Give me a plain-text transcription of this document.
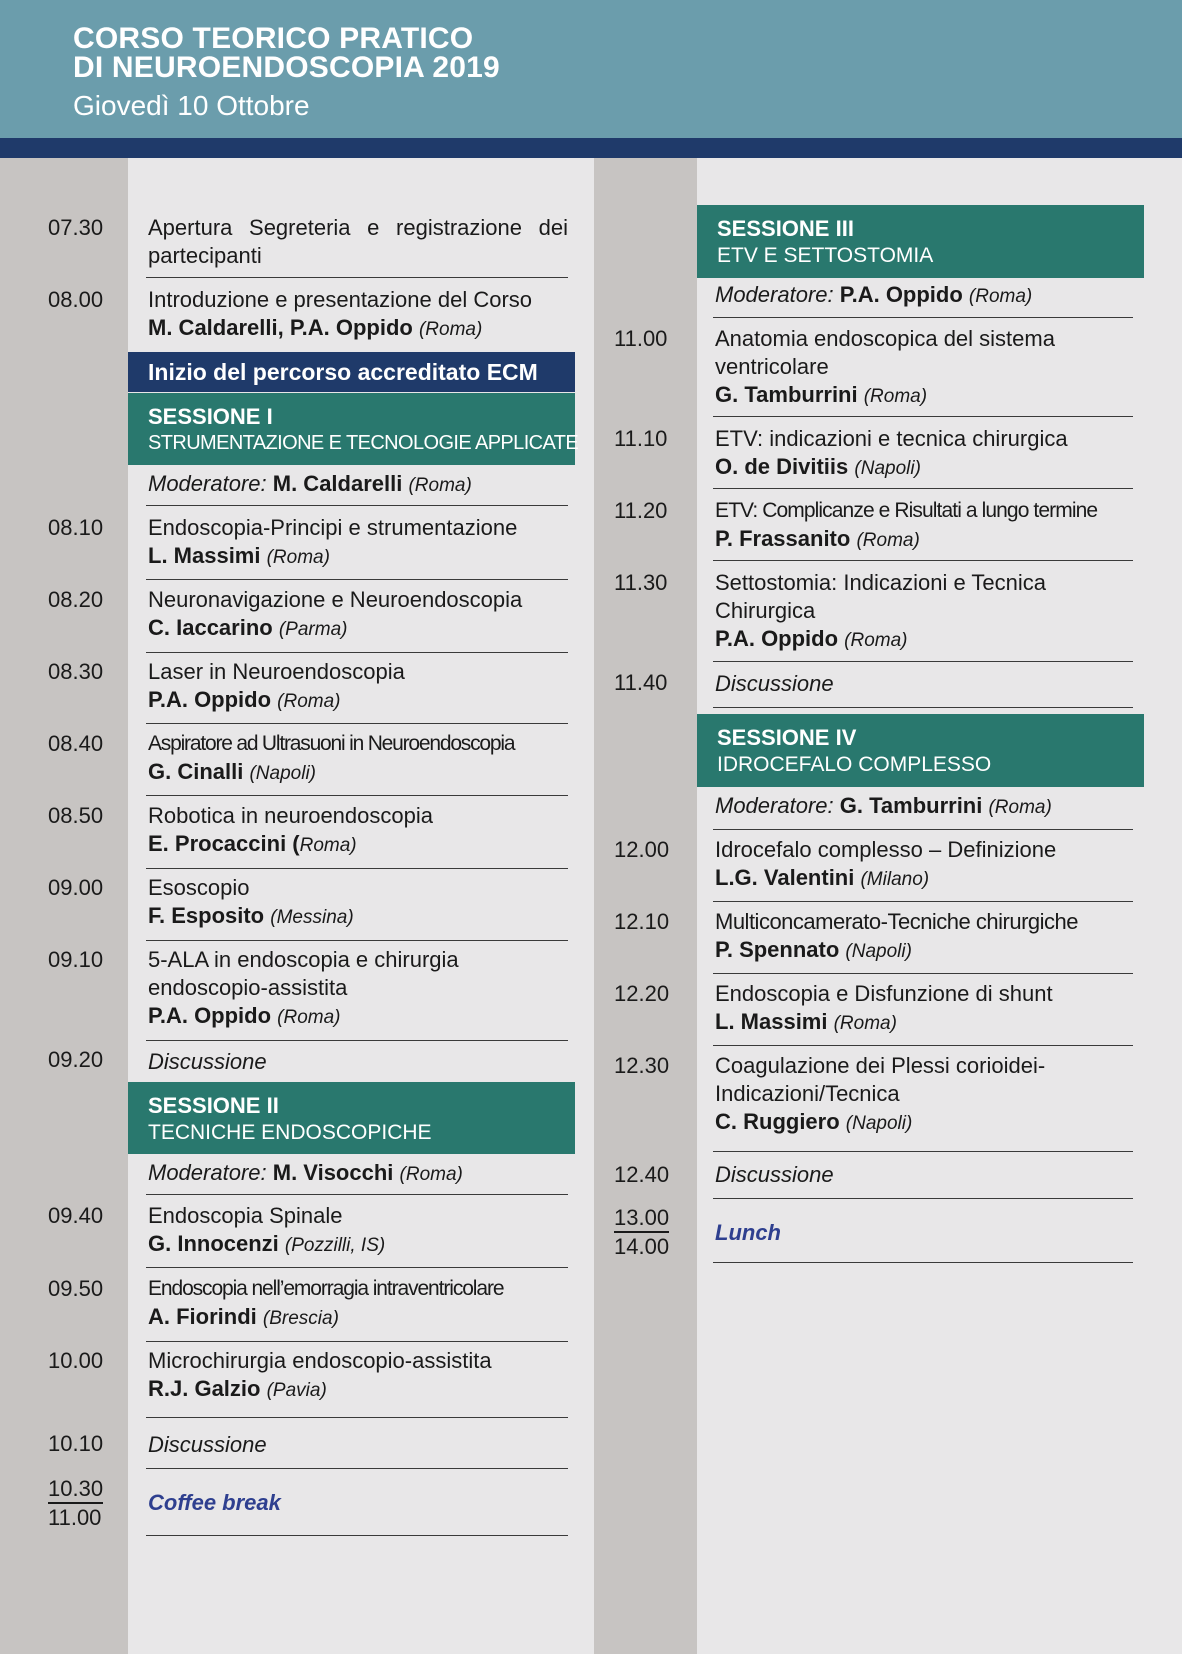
CORSO TEORICO PRATICO
DI NEUROENDOSCOPIA 2019
Giovedì 10 Ottobre
07.30 Apertura Segreteria e registrazione dei partecipanti
08.00 Introduzione e presentazione del Corso
M. Caldarelli, P.A. Oppido (Roma)
Inizio del percorso accreditato ECM
SESSIONE I
STRUMENTAZIONE E TECNOLOGIE APPLICATE
Moderatore: M. Caldarelli (Roma)
08.10 Endoscopia-Principi e strumentazione
L. Massimi (Roma)
08.20 Neuronavigazione e Neuroendoscopia
C. Iaccarino (Parma)
08.30 Laser in Neuroendoscopia
P.A. Oppido (Roma)
08.40 Aspiratore ad Ultrasuoni in Neuroendoscopia
G. Cinalli (Napoli)
08.50 Robotica in neuroendoscopia
E. Procaccini (Roma)
09.00 Esoscopio
F. Esposito (Messina)
09.10 5-ALA in endoscopia e chirurgia endoscopio-assistita
P.A. Oppido (Roma)
09.20 Discussione
SESSIONE II
TECNICHE ENDOSCOPICHE
Moderatore: M. Visocchi (Roma)
09.40 Endoscopia Spinale
G. Innocenzi (Pozzilli, IS)
09.50 Endoscopia nell’emorragia intraventricolare
A. Fiorindi (Brescia)
10.00 Microchirurgia endoscopio-assistita
R.J. Galzio (Pavia)
10.10 Discussione
10.30
11.00
Coffee break
SESSIONE III
ETV E SETTOSTOMIA
Moderatore: P.A. Oppido (Roma)
11.00 Anatomia endoscopica del sistema ventricolare
G. Tamburrini (Roma)
11.10 ETV: indicazioni e tecnica chirurgica
O. de Divitiis (Napoli)
11.20 ETV: Complicanze e Risultati a lungo termine
P. Frassanito (Roma)
11.30 Settostomia: Indicazioni e Tecnica Chirurgica
P.A. Oppido (Roma)
11.40 Discussione
SESSIONE IV
IDROCEFALO COMPLESSO
Moderatore: G. Tamburrini (Roma)
12.00 Idrocefalo complesso – Definizione
L.G. Valentini (Milano)
12.10 Multiconcamerato-Tecniche chirurgiche
P. Spennato (Napoli)
12.20 Endoscopia e Disfunzione di shunt
L. Massimi (Roma)
12.30 Coagulazione dei Plessi corioidei-Indicazioni/Tecnica
C. Ruggiero (Napoli)
12.40 Discussione
13.00
14.00
Lunch
